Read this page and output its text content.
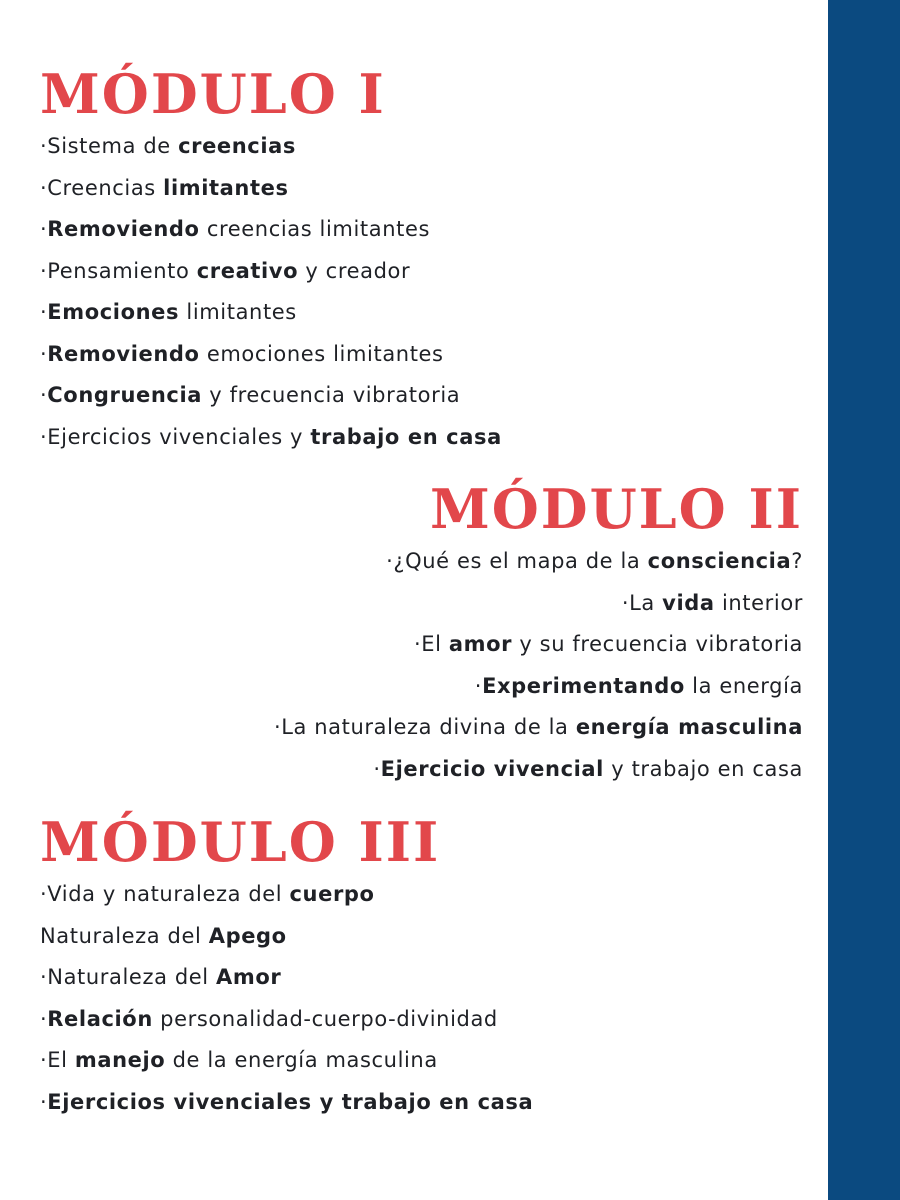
MÓDULO I
·Sistema de creencias
·Creencias limitantes
·Removiendo creencias limitantes
·Pensamiento creativo y creador
·Emociones limitantes
·Removiendo emociones limitantes
·Congruencia y frecuencia vibratoria
·Ejercicios vivenciales y trabajo en casa
MÓDULO II
·¿Qué es el mapa de la consciencia?
·La vida interior
·El amor y su frecuencia vibratoria
·Experimentando la energía
·La naturaleza divina de la energía masculina
·Ejercicio vivencial y trabajo en casa
MÓDULO III
·Vida y naturaleza del cuerpo
Naturaleza del Apego
·Naturaleza del Amor
·Relación personalidad-cuerpo-divinidad
·El manejo de la energía masculina
·Ejercicios vivenciales y trabajo en casa
